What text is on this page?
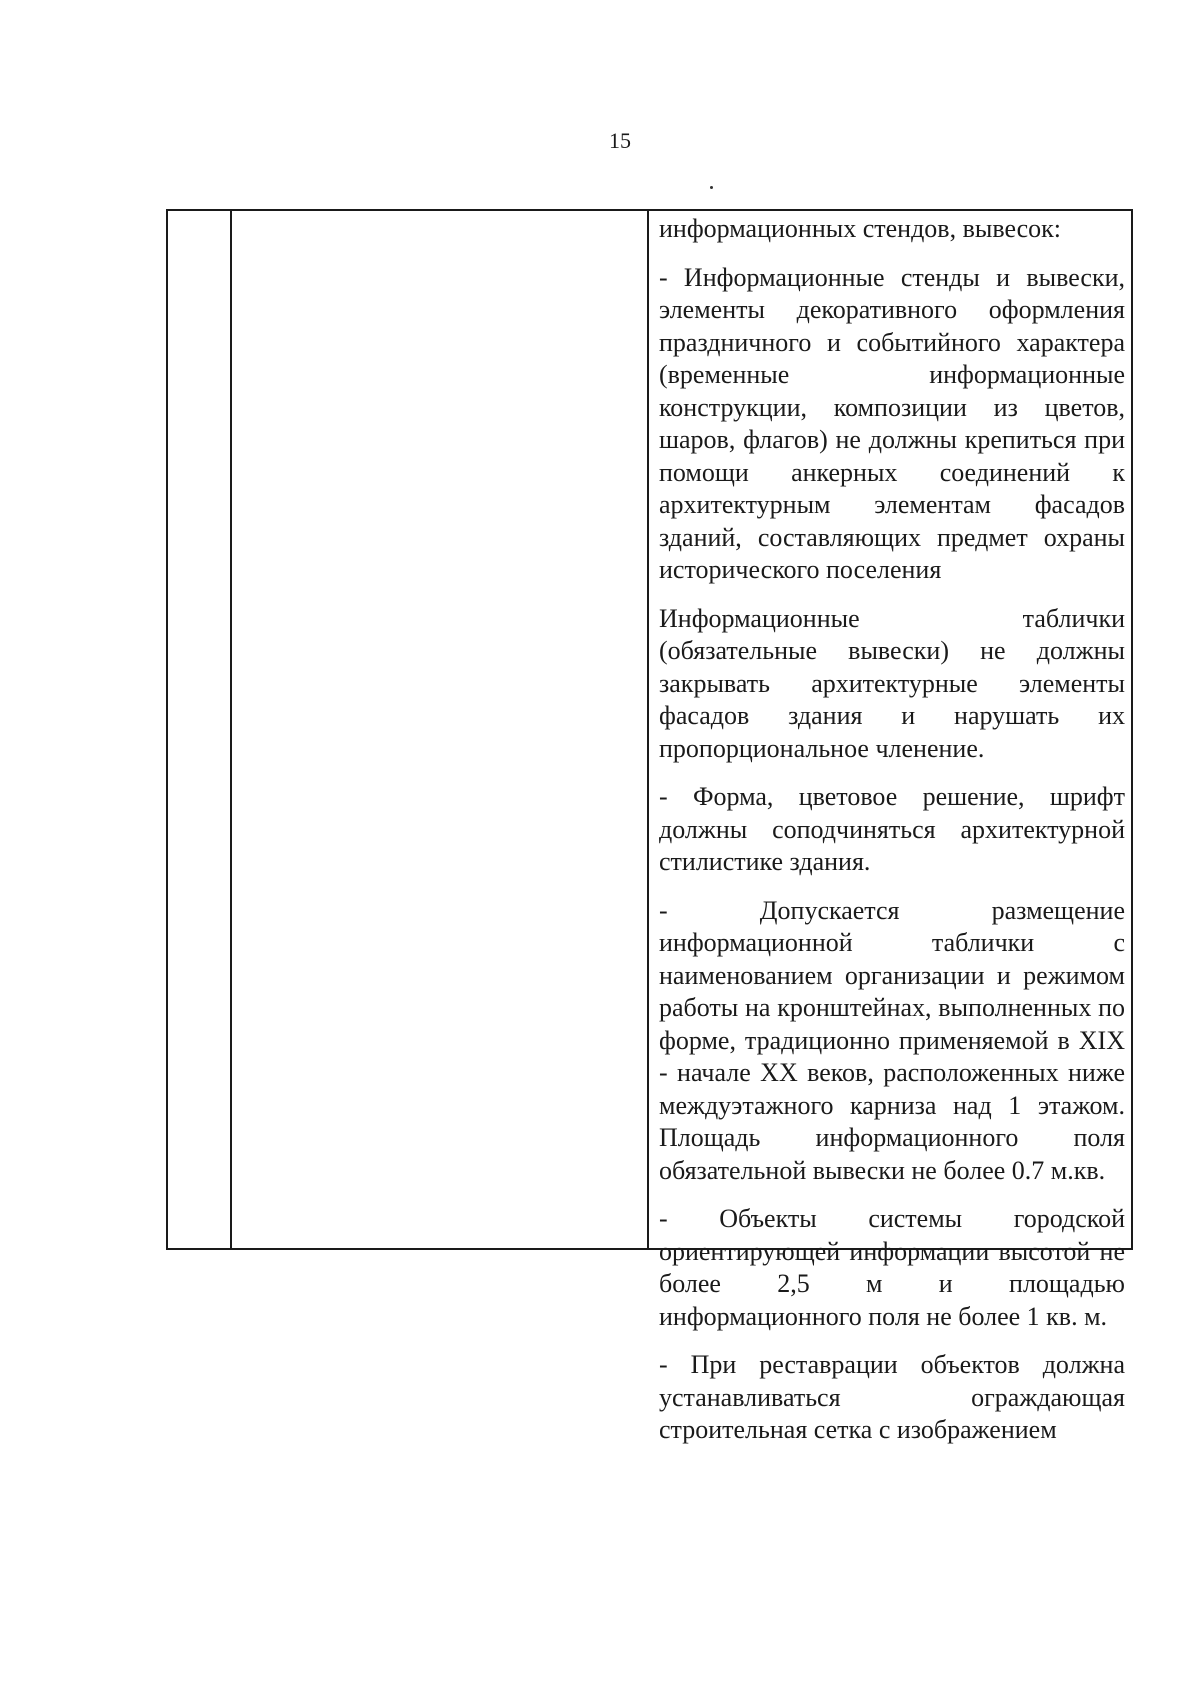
15

информационных стендов, вывесок:

- Информационные стенды и вывески, элементы декоративного оформления праздничного и событийного характера (временные информационные конструкции, композиции из цветов, шаров, флагов) не должны крепиться при помощи анкерных соединений к архитектурным элементам фасадов зданий, составляющих предмет охраны исторического поселения

Информационные таблички (обязательные вывески) не должны закрывать архитектурные элементы фасадов здания и нарушать их пропорциональное членение.

- Форма, цветовое решение, шрифт должны соподчиняться архитектурной стилистике здания.

- Допускается размещение информационной таблички с наименованием организации и режимом работы на кронштейнах, выполненных по форме, традиционно применяемой в XIX - начале XX веков, расположенных ниже междуэтажного карниза над 1 этажом. Площадь информационного поля обязательной вывески не более 0.7 м.кв.

- Объекты системы городской ориентирующей информации высотой не более 2,5 м и площадью информационного поля не более 1 кв. м.

- При реставрации объектов должна устанавливаться ограждающая строительная сетка с изображением
